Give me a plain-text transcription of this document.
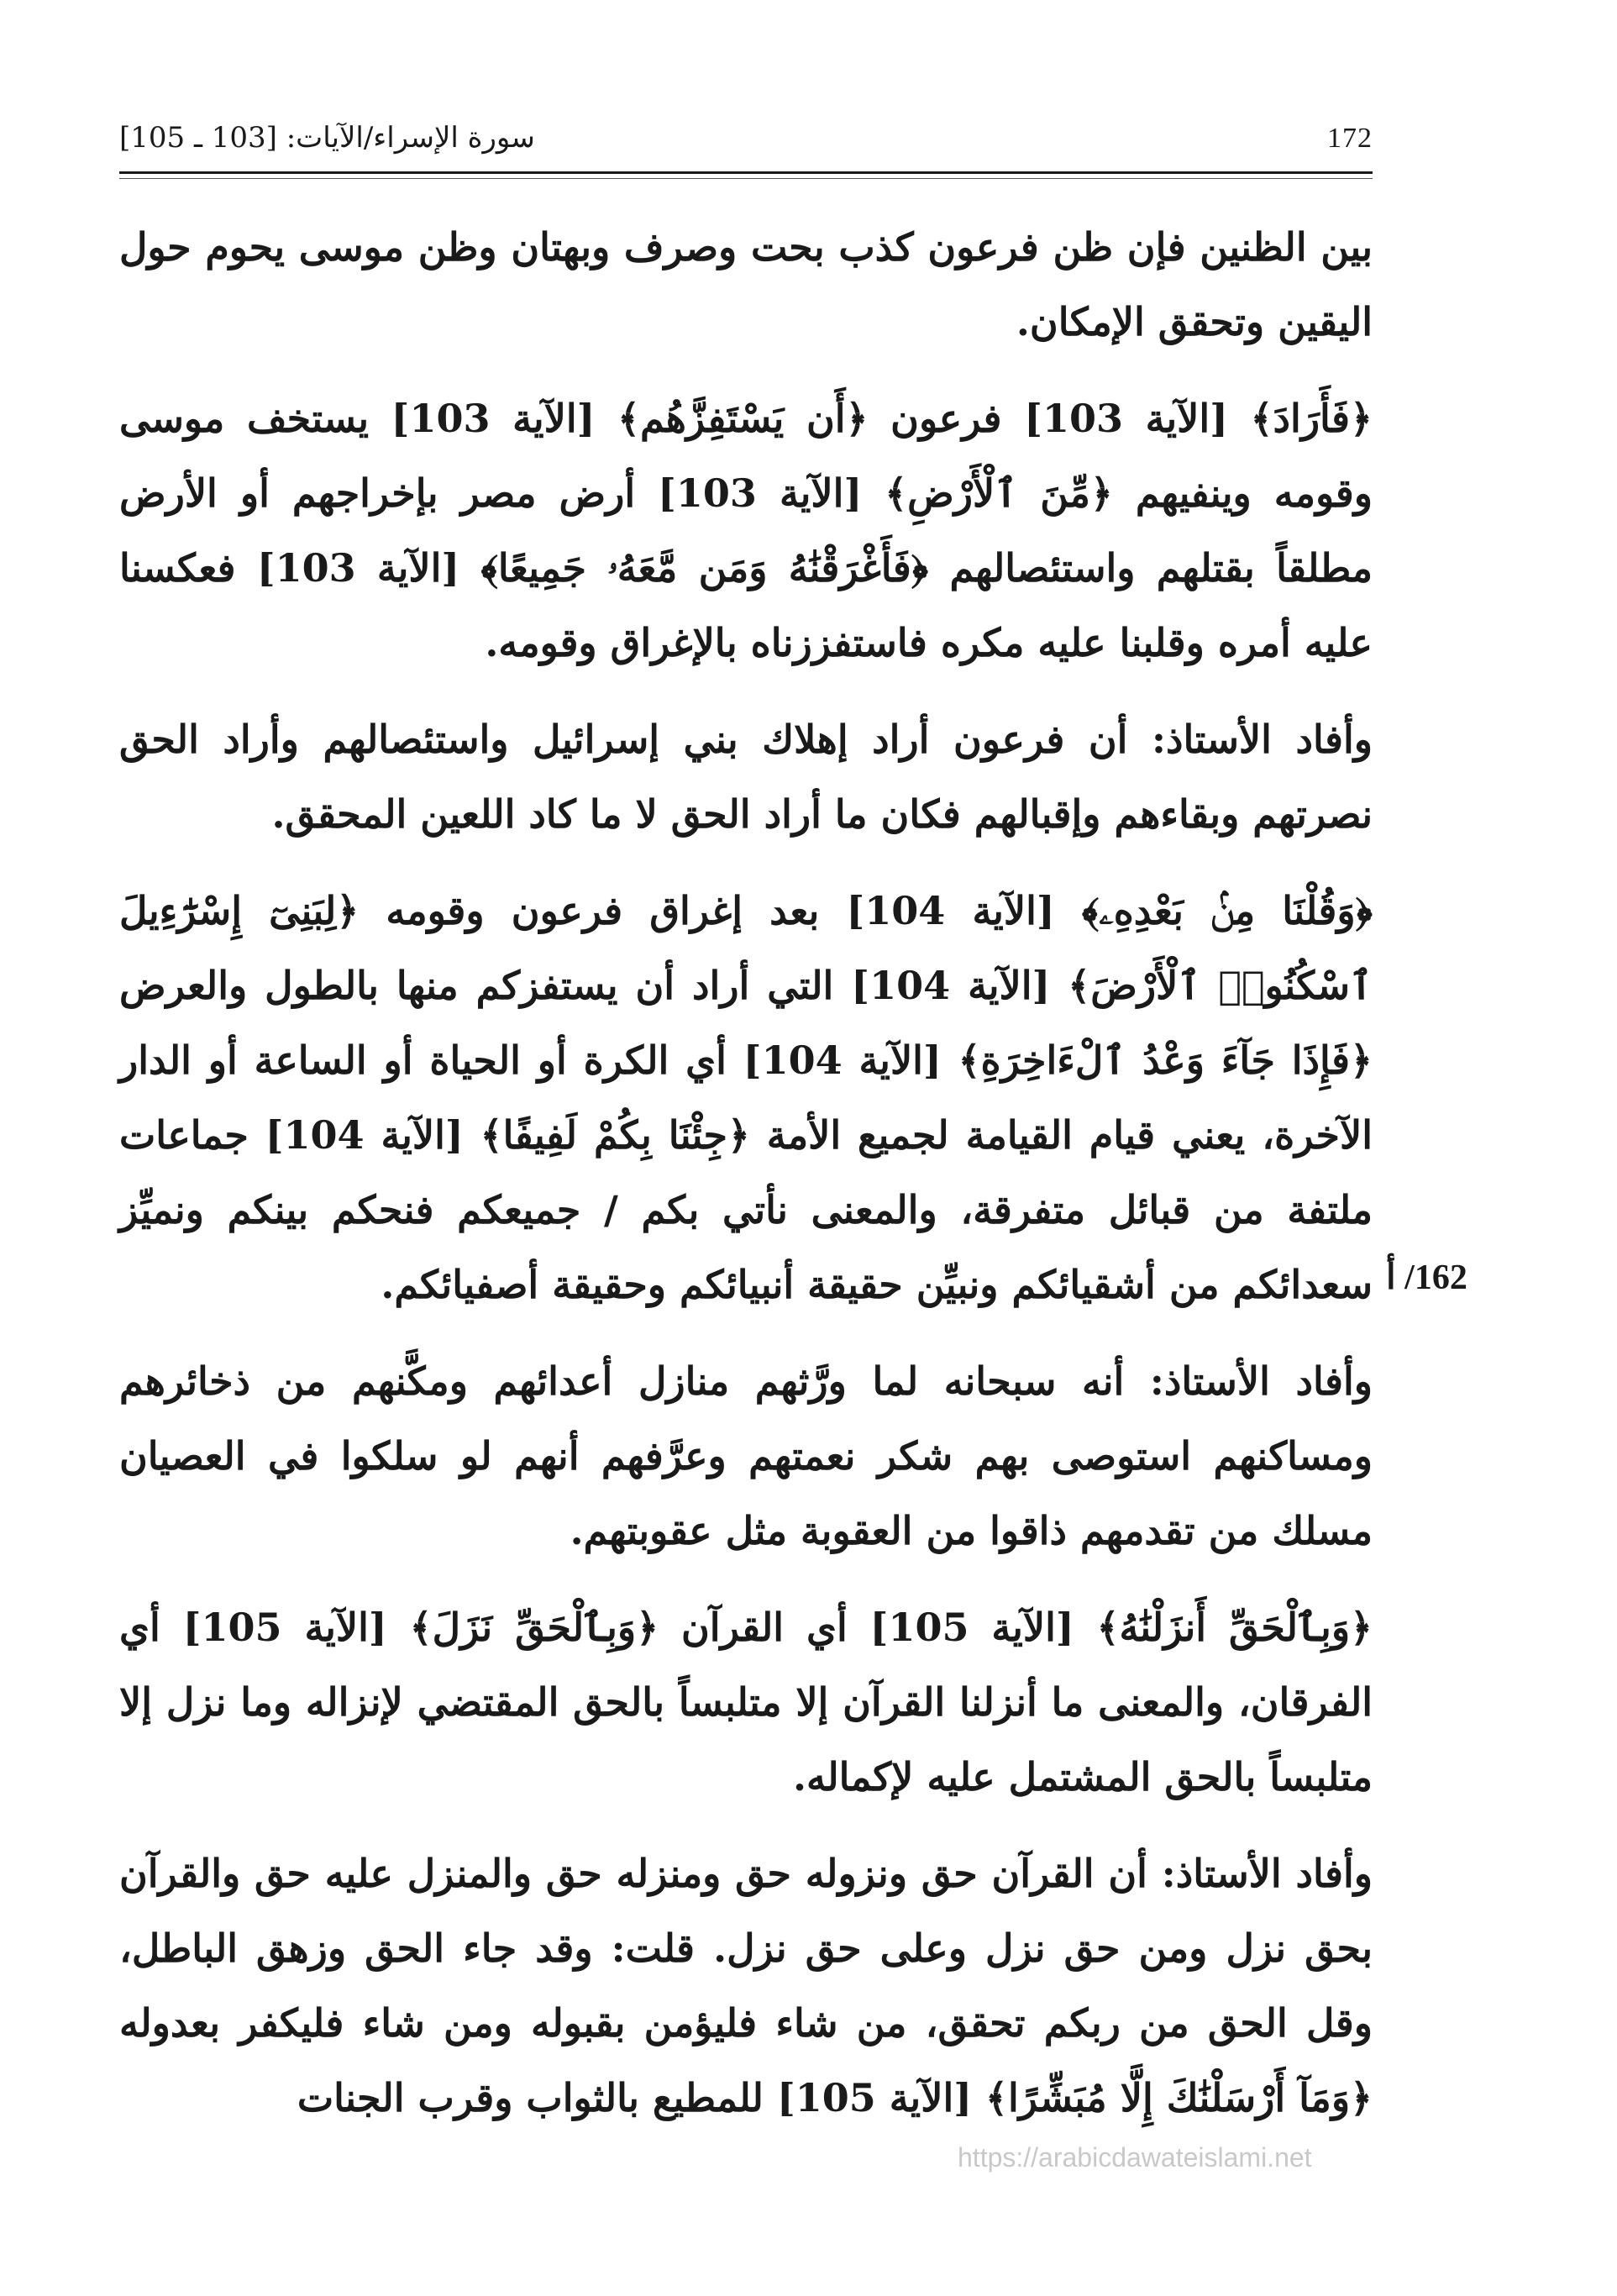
172
سورة الإسراء/الآيات: [103 ـ 105]

بين الظنين فإن ظن فرعون كذب بحت وصرف وبهتان وظن موسى يحوم حول اليقين وتحقق الإمكان.

﴿فَأَرَادَ﴾ [الآية 103] فرعون ﴿أَن يَسْتَفِزَّهُم﴾ [الآية 103] يستخف موسى وقومه وينفيهم ﴿مِّنَ ٱلْأَرْضِ﴾ [الآية 103] أرض مصر بإخراجهم أو الأرض مطلقاً بقتلهم واستئصالهم ﴿فَأَغْرَقْنَٰهُ وَمَن مَّعَهُۥ جَمِيعًا﴾ [الآية 103] فعكسنا عليه أمره وقلبنا عليه مكره فاستفززناه بالإغراق وقومه.

وأفاد الأستاذ: أن فرعون أراد إهلاك بني إسرائيل واستئصالهم وأراد الحق نصرتهم وبقاءهم وإقبالهم فكان ما أراد الحق لا ما كاد اللعين المحقق.

﴿وَقُلْنَا مِنۢ بَعْدِهِۦ﴾ [الآية 104] بعد إغراق فرعون وقومه ﴿لِبَنِىٓ إِسْرَٰٓءِيلَ ٱسْكُنُوا۟ ٱلْأَرْضَ﴾ [الآية 104] التي أراد أن يستفزكم منها بالطول والعرض ﴿فَإِذَا جَآءَ وَعْدُ ٱلْءَاخِرَةِ﴾ [الآية 104] أي الكرة أو الحياة أو الساعة أو الدار الآخرة، يعني قيام القيامة لجميع الأمة ﴿جِئْنَا بِكُمْ لَفِيفًا﴾ [الآية 104] جماعات ملتفة من قبائل متفرقة، والمعنى نأتي بكم / جميعكم فنحكم بينكم ونميِّز سعدائكم من أشقيائكم ونبيِّن حقيقة أنبيائكم وحقيقة أصفيائكم.

وأفاد الأستاذ: أنه سبحانه لما ورَّثهم منازل أعدائهم ومكَّنهم من ذخائرهم ومساكنهم استوصى بهم شكر نعمتهم وعرَّفهم أنهم لو سلكوا في العصيان مسلك من تقدمهم ذاقوا من العقوبة مثل عقوبتهم.

﴿وَبِٱلْحَقِّ أَنزَلْنَٰهُ﴾ [الآية 105] أي القرآن ﴿وَبِٱلْحَقِّ نَزَلَ﴾ [الآية 105] أي الفرقان، والمعنى ما أنزلنا القرآن إلا متلبساً بالحق المقتضي لإنزاله وما نزل إلا متلبساً بالحق المشتمل عليه لإكماله.

وأفاد الأستاذ: أن القرآن حق ونزوله حق ومنزله حق والمنزل عليه حق والقرآن بحق نزل ومن حق نزل وعلى حق نزل. قلت: وقد جاء الحق وزهق الباطل، وقل الحق من ربكم تحقق، من شاء فليؤمن بقبوله ومن شاء فليكفر بعدوله ﴿وَمَآ أَرْسَلْنَٰكَ إِلَّا مُبَشِّرًا﴾ [الآية 105] للمطيع بالثواب وقرب الجنات

162/ أ
https://arabicdawateislami.net
